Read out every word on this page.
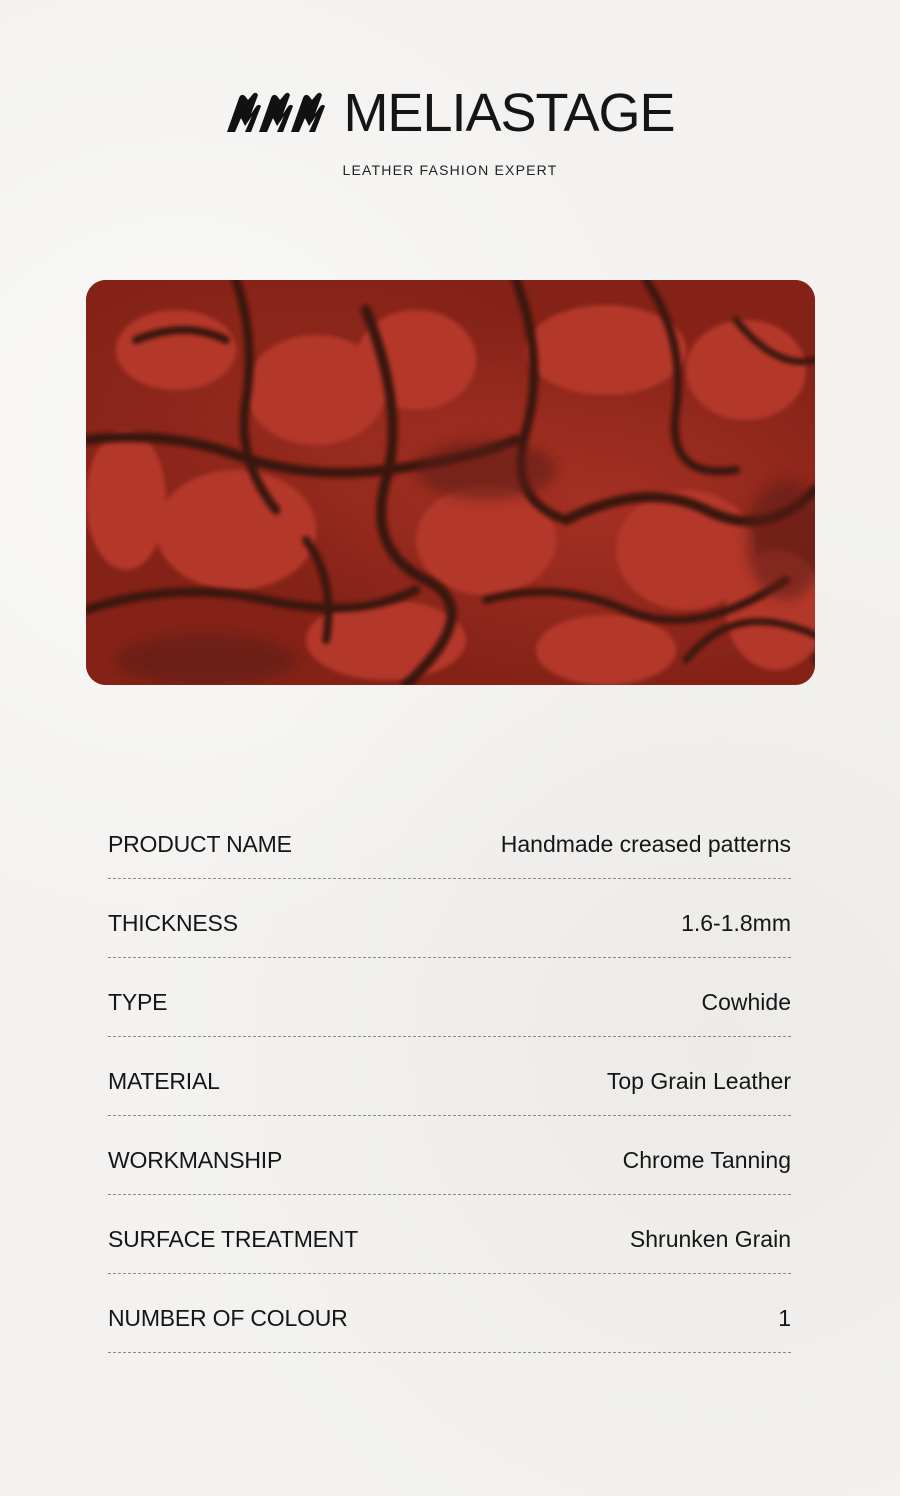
MELIASTAGE
LEATHER FASHION EXPERT
PRODUCT NAME	Handmade creased patterns
THICKNESS	1.6-1.8mm
TYPE	Cowhide
MATERIAL	Top Grain Leather
WORKMANSHIP	Chrome Tanning
SURFACE TREATMENT	Shrunken Grain
NUMBER OF COLOUR	1
